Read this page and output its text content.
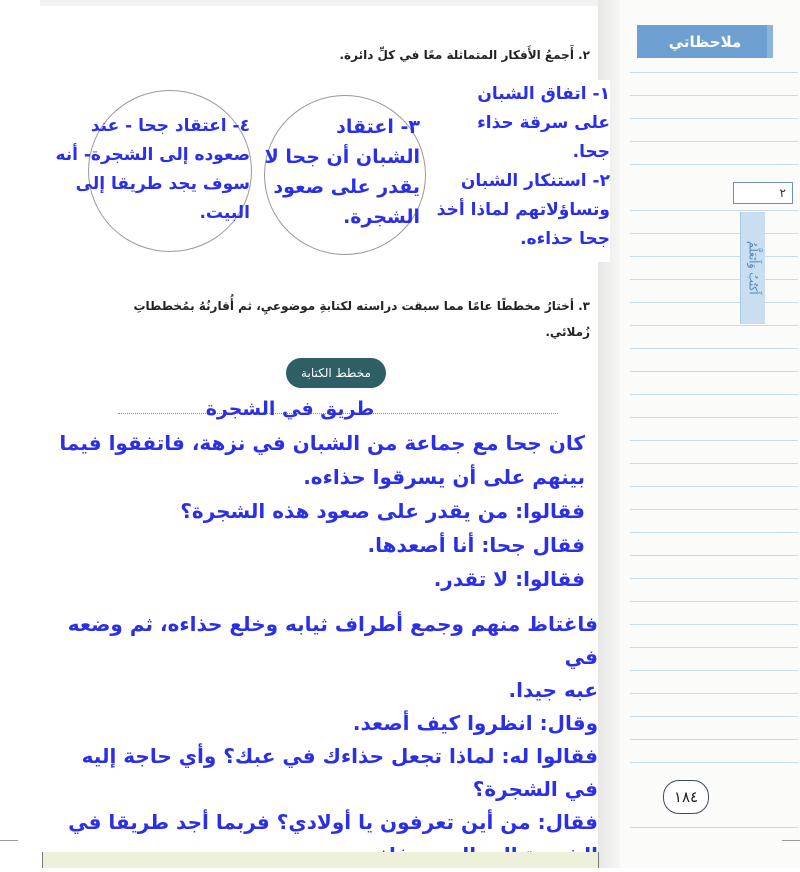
ملاحظاتي
٢
أَكتُبُ وَأَتَعَلَّمُ
١٨٤
٢. أَجمعُ الأَفكار المتماثلة معًا في كلِّ دائرة.
١- اتفاق الشبان
على سرقة حذاء
جحا.
٢- استنكار الشبان
وتساؤلاتهم لماذا أخذ
جحا حذاءه.
٣- اعتقاد
الشبان أن جحا لا
يقدر على صعود
الشجرة.
٤- اعتقاد جحا - عند
صعوده إلى الشجرة- أنه
سوف يجد طريقا إلى
البيت.
٣. أختارُ مخططًا عامًا مما سبقت دراسته لكتابةِ موضوعيِ، ثم أُقارنُهُ بمُخططاتِ
زُملائي.
مخطط الكتابة
طريق في الشجرة
كان جحا مع جماعة من الشبان في نزهة، فاتفقوا فيما
بينهم على أن يسرقوا حذاءه.
فقالوا: من يقدر على صعود هذه الشجرة؟
فقال جحا: أنا أصعدها.
فقالوا: لا تقدر.
فاغتاظ منهم وجمع أطراف ثيابه وخلع حذاءه، ثم وضعه في
عبه جيدا.
وقال: انظروا كيف أصعد.
فقالوا له: لماذا تجعل حذاءك في عبك؟ وأي حاجة إليه
في الشجرة؟
فقال: من أين تعرفون يا أولادي؟ فربما أجد طريقا في
